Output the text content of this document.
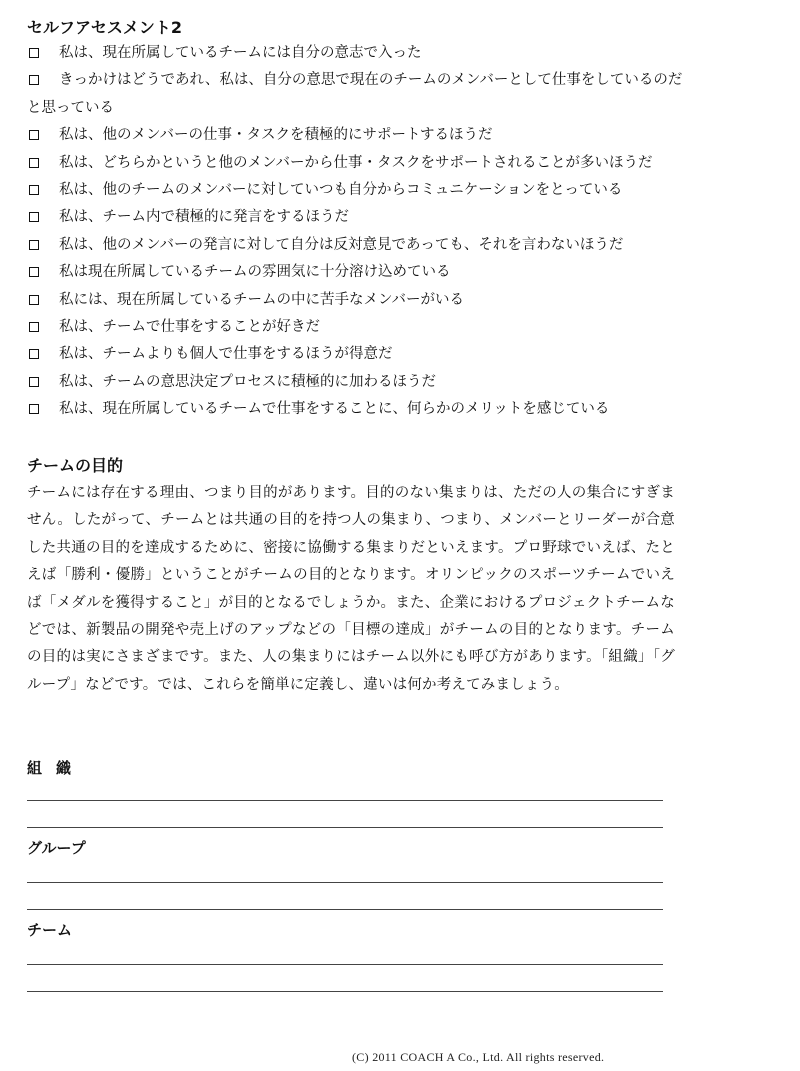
セルフアセスメント2
私は、現在所属しているチームには自分の意志で入った
きっかけはどうであれ、私は、自分の意思で現在のチームのメンバーとして仕事をしているのだと思っている
私は、他のメンバーの仕事・タスクを積極的にサポートするほうだ
私は、どちらかというと他のメンバーから仕事・タスクをサポートされることが多いほうだ
私は、他のチームのメンバーに対していつも自分からコミュニケーションをとっている
私は、チーム内で積極的に発言をするほうだ
私は、他のメンバーの発言に対して自分は反対意見であっても、それを言わないほうだ
私は現在所属しているチームの雰囲気に十分溶け込めている
私には、現在所属しているチームの中に苦手なメンバーがいる
私は、チームで仕事をすることが好きだ
私は、チームよりも個人で仕事をするほうが得意だ
私は、チームの意思決定プロセスに積極的に加わるほうだ
私は、現在所属しているチームで仕事をすることに、何らかのメリットを感じている
チームの目的

チームには存在する理由、つまり目的があります。目的のない集まりは、ただの人の集合にすぎません。したがって、チームとは共通の目的を持つ人の集まり、つまり、メンバーとリーダーが合意した共通の目的を達成するために、密接に協働する集まりだといえます。プロ野球でいえば、たとえば「勝利・優勝」ということがチームの目的となります。オリンピックのスポーツチームでいえば「メダルを獲得すること」が目的となるでしょうか。また、企業におけるプロジェクトチームなどでは、新製品の開発や売上げのアップなどの「目標の達成」がチームの目的となります。チームの目的は実にさまざまです。また、人の集まりにはチーム以外にも呼び方があります。「組織」「グループ」などです。では、これらを簡単に定義し、違いは何か考えてみましょう。

組織
グループ
チーム
(C) 2011 COACH A Co., Ltd. All rights reserved.
